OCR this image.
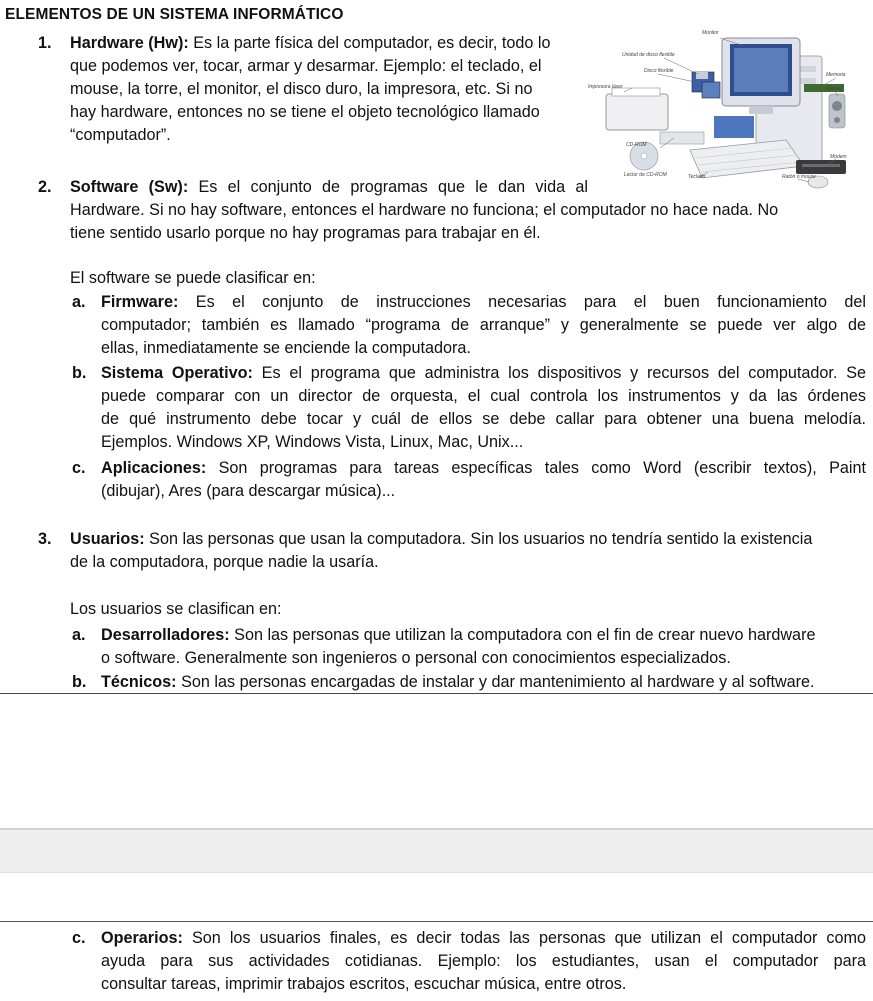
ELEMENTOS DE UN SISTEMA INFORMÁTICO
1. Hardware (Hw): Es la parte física del computador, es decir, todo lo
que podemos ver, tocar, armar y desarmar. Ejemplo: el teclado, el
mouse, la torre, el monitor, el disco duro, la impresora, etc. Si no
hay hardware, entonces no se tiene el objeto tecnológico llamado
“computador”.
Monitor
Unidad de disco flexible
Disco flexible
Memoria
Impresora láser	Altavoz
CD-ROM
Módem
Lector de CD-ROM	Teclado	Ratón o mouse
2. Software (Sw): Es el conjunto de programas que le dan vida al
Hardware. Si no hay software, entonces el hardware no funciona; el computador no hace nada. No
tiene sentido usarlo porque no hay programas para trabajar en él.
El software se puede clasificar en:
a. Firmware: Es el conjunto de instrucciones necesarias para el buen funcionamiento del
computador; también es llamado “programa de arranque” y generalmente se puede ver algo de
ellas, inmediatamente se enciende la computadora.
b. Sistema Operativo: Es el programa que administra los dispositivos y recursos del computador. Se
puede comparar con un director de orquesta, el cual controla los instrumentos y da las órdenes
de qué instrumento debe tocar y cuál de ellos se debe callar para obtener una buena melodía.
Ejemplos. Windows XP, Windows Vista, Linux, Mac, Unix...
c. Aplicaciones: Son programas para tareas específicas tales como Word (escribir textos), Paint
(dibujar), Ares (para descargar música)...
3. Usuarios: Son las personas que usan la computadora. Sin los usuarios no tendría sentido la existencia
de la computadora, porque nadie la usaría.
Los usuarios se clasifican en:
a. Desarrolladores: Son las personas que utilizan la computadora con el fin de crear nuevo hardware
o software. Generalmente son ingenieros o personal con conocimientos especializados.
b. Técnicos: Son las personas encargadas de instalar y dar mantenimiento al hardware y al software.
c. Operarios: Son los usuarios finales, es decir todas las personas que utilizan el computador como
ayuda para sus actividades cotidianas. Ejemplo: los estudiantes, usan el computador para
consultar tareas, imprimir trabajos escritos, escuchar música, entre otros.
